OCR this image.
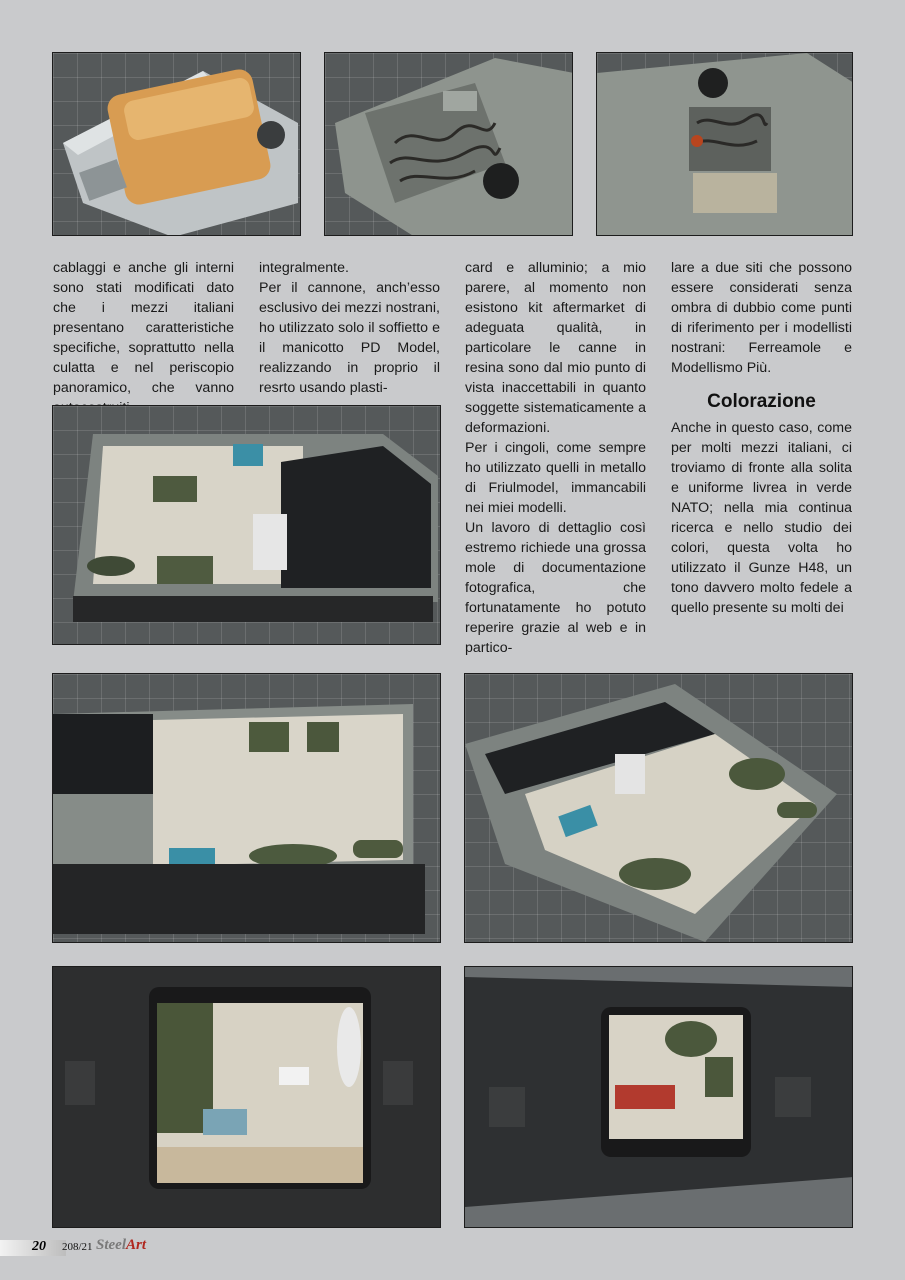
cablaggi e anche gli interni sono stati modificati dato che i mezzi italiani presentano caratteristiche specifiche, soprattutto nella culatta e nel periscopio panoramico, che vanno

integralmente.

Per il cannone, anch’esso esclusivo dei mezzi nostrani, ho utilizzato solo il soffietto e il manicotto PD Model, realizzando in proprio il resrto usando plasti-

card e alluminio; a mio parere, al momento non esistono kit aftermarket di adeguata qualità, in particolare le canne in resina sono dal mio punto di vista inaccettabili in quanto soggette sistematicamente a deformazioni.

Per i cingoli, come sempre ho utilizzato quelli in metallo di Friulmodel, immancabili nei miei modelli.

Un lavoro di dettaglio così estremo richiede una grossa mole di documentazione fotografica, che fortunatamente ho potuto reperire grazie al web e in partico-

lare a due siti che possono essere considerati senza ombra di dubbio come punti di riferimento per i modellisti nostrani: Ferreamole e Modellismo Più.

Colorazione

Anche in questo caso, come per molti mezzi italiani, ci troviamo di fronte alla solita e uniforme livrea in verde NATO; nella mia continua ricerca e nello studio dei colori, questa volta ho utilizzato il Gunze H48, un tono davvero molto fedele a quello presente su molti dei

20 208/21 SteelArt
